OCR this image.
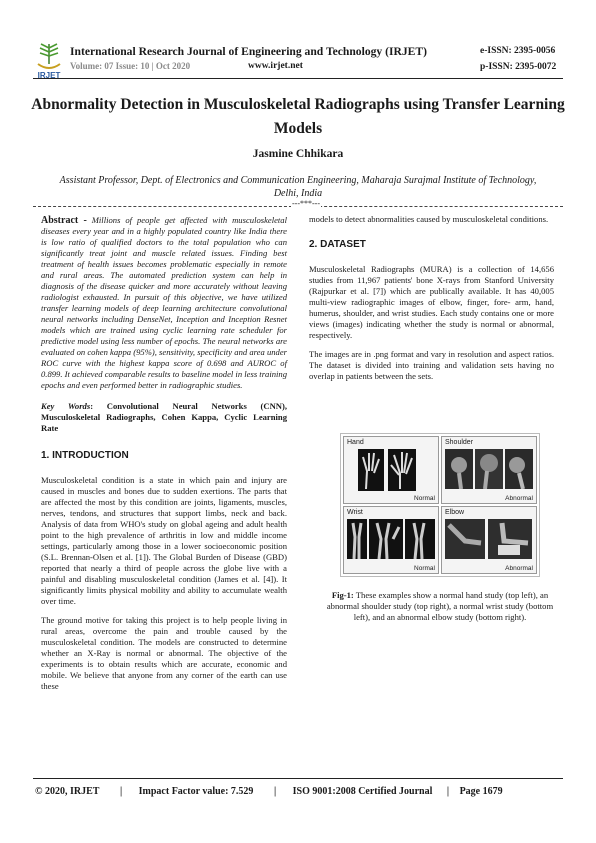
IRJET
International Research Journal of Engineering and Technology (IRJET)
Volume: 07 Issue: 10 | Oct 2020	www.irjet.net
e-ISSN: 2395-0056
p-ISSN: 2395-0072
Abnormality Detection in Musculoskeletal Radiographs using Transfer Learning Models
Jasmine Chhikara
Assistant Professor, Dept. of Electronics and Communication Engineering, Maharaja Surajmal Institute of Technology, Delhi, India
---***---

Abstract - Millions of people get affected with musculoskeletal diseases every year and in a highly populated country like India there is low ratio of qualified doctors to the total population who can significantly treat joint and muscle related issues. Finding best treatment of health issues becomes problematic especially in remote and rural areas. The automated prediction system can help in diagnosis of the disease quicker and more accurately without leaving radiologist exhausted. In pursuit of this objective, we have utilized transfer learning models of deep learning architecture convolutional neural networks including DenseNet, Inception and Inception Resnet models which are trained using cyclic learning rate scheduler for predictive model using less number of epochs. The neural networks are evaluated on cohen kappa (95%), sensitivity, specificity and area under ROC curve with the highest kappa score of 0.698 and AUROC of 0.899. It achieved comparable results to baseline model in less training epochs and even performed better in radiographic studies.

Key Words: Convolutional Neural Networks (CNN), Musculoskeletal Radiographs, Cohen Kappa, Cyclic Learning Rate

1. INTRODUCTION

Musculoskeletal condition is a state in which pain and injury are caused in muscles and bones due to sudden exertions. The parts that are affected the most by this condition are joints, ligaments, muscles, nerves, tendons, and structures that support limbs, neck and back. Analysis of data from WHO's study on global ageing and adult health point to the high prevalence of arthritis in low and middle income settings, particularly among those in a lower socioeconomic position (S.L. Brennan-Olsen et al. [1]). The Global Burden of Disease (GBD) reported that nearly a third of people across the globe live with a painful and disabling musculoskeletal condition (James et al. [4]). It significantly limits physical mobility and ability to accumulate wealth over time.

The ground motive for taking this project is to help people living in rural areas, overcome the pain and trouble caused by the musculoskeletal condition. The models are constructed to determine whether an X-Ray is normal or abnormal. The objective of the experiments is to obtain results which are accurate, economic and mobile. We believe that anyone from any corner of the earth can use these

models to detect abnormalities caused by musculoskeletal conditions.

2. DATASET

Musculoskeletal Radiographs (MURA) is a collection of 14,656 studies from 11,967 patients' bone X-rays from Stanford University (Rajpurkar et al. [7]) which are publically available. It has 40,005 multi-view radiographic images of elbow, finger, fore- arm, hand, humerus, shoulder, and wrist studies. Each study contains one or more views (images) indicating whether the study is normal or abnormal, respectively.

The images are in .png format and vary in resolution and aspect ratios. The dataset is divided into training and validation sets having no overlap in patients between the sets.

Hand
Normal
Shoulder
Abnormal
Wrist
Normal
Elbow
Abnormal
Fig-1: These examples show a normal hand study (top left), an abnormal shoulder study (top right), a normal wrist study (bottom left), and an abnormal elbow study (bottom right).
© 2020, IRJET | Impact Factor value: 7.529 | ISO 9001:2008 Certified Journal | Page 1679
